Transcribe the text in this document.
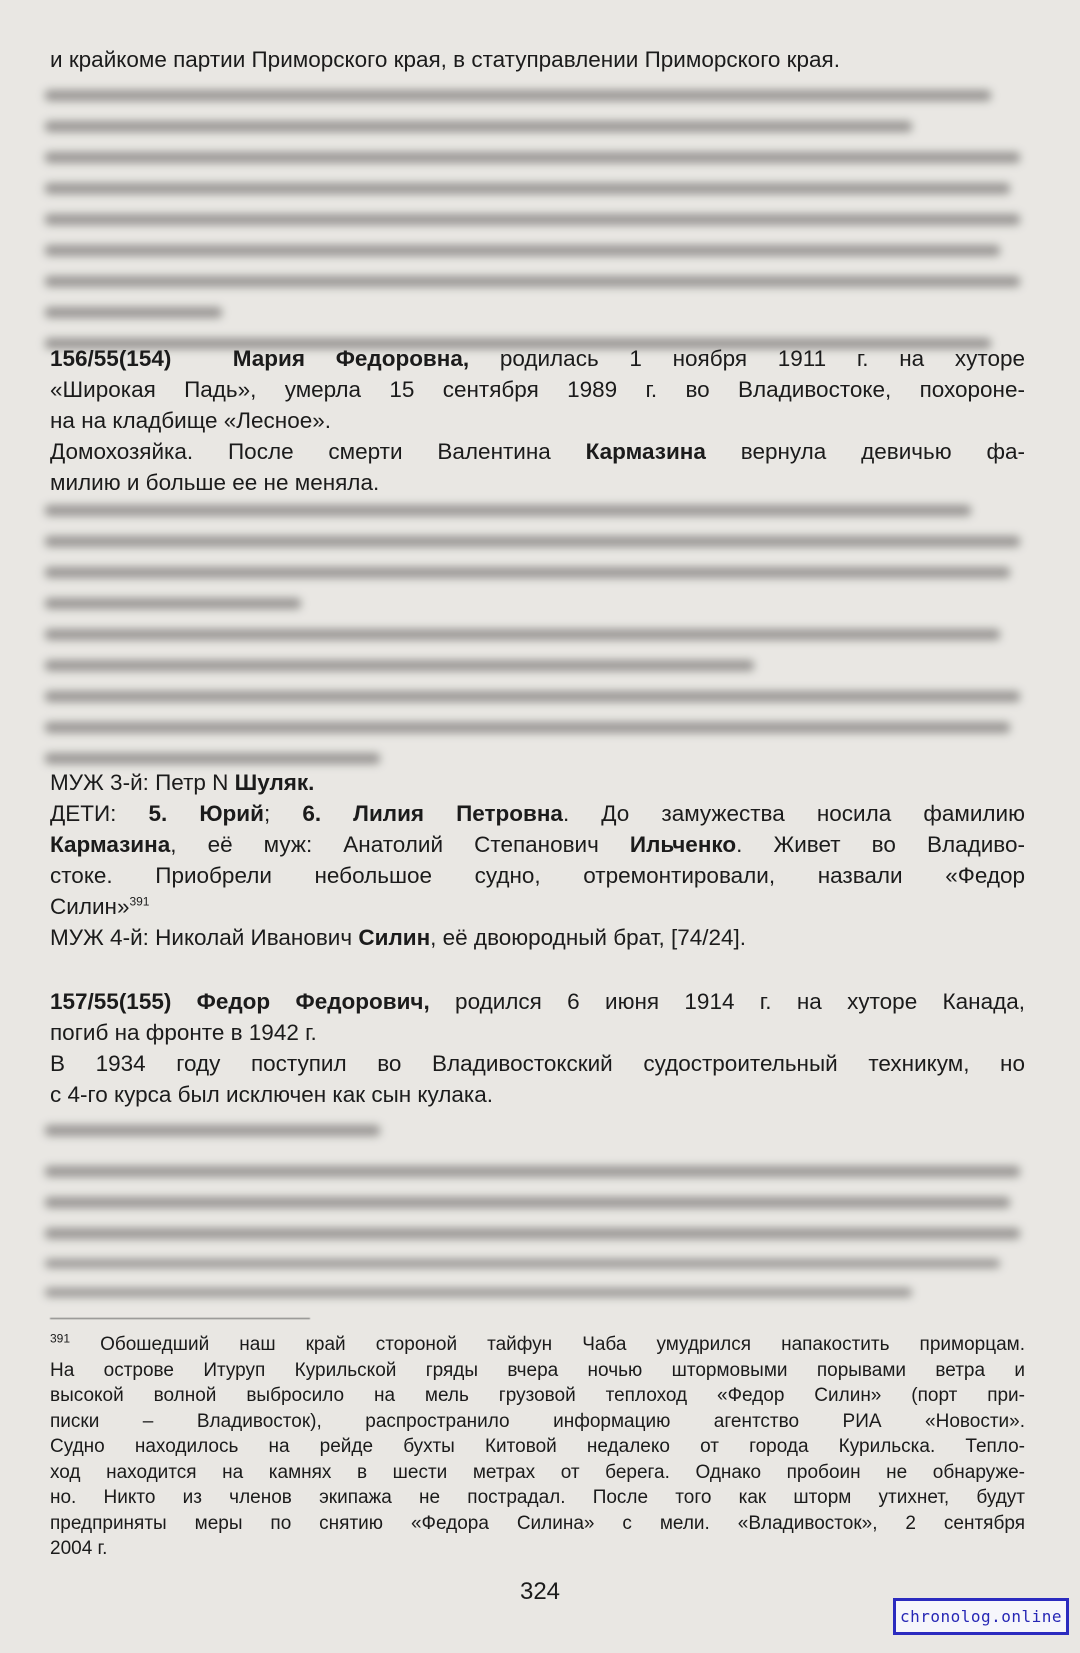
и крайкоме партии Приморского края, в статуправлении Приморского края.

156/55(154)	Мария Федоровна, родилась 1 ноября 1911 г. на хуторе
«Широкая Падь», умерла 15 сентября 1989 г. во Владивостоке, похороне-
на на кладбище «Лесное».
Домохозяйка. После смерти Валентина Кармазина вернула девичью фа-
милию и больше ее не меняла.

МУЖ 3-й: Петр N Шуляк.
ДЕТИ: 5. Юрий; 6. Лилия Петровна. До замужества носила фамилию
Кармазина, её муж: Анатолий Степанович Ильченко. Живет во Владиво-
стоке. Приобрели небольшое судно, отремонтировали, назвали «Федор
Силин»$^{391}$
МУЖ 4-й: Николай Иванович Силин, её двоюродный брат, [74/24].

157/55(155) Федор Федорович, родился 6 июня 1914 г. на хуторе Канада,
погиб на фронте в 1942 г.
В 1934 году поступил во Владивостокский судостроительный техникум, но
с 4-го курса был исключен как сын кулака.

$^{391}$ Обошедший наш край стороной тайфун Чаба умудрился напакостить приморцам.
На острове Итуруп Курильской гряды вчера ночью штормовыми порывами ветра и
высокой волной выбросило на мель грузовой теплоход «Федор Силин» (порт при-
писки – Владивосток), распространило информацию агентство РИА «Новости».
Судно находилось на рейде бухты Китовой недалеко от города Курильска. Тепло-
ход находится на камнях в шести метрах от берега. Однако пробоин не обнаруже-
но. Никто из членов экипажа не пострадал. После того как шторм утихнет, будут
предприняты меры по снятию «Федора Силина» с мели. «Владивосток», 2 сентября
2004 г.

324
chronolog.online
